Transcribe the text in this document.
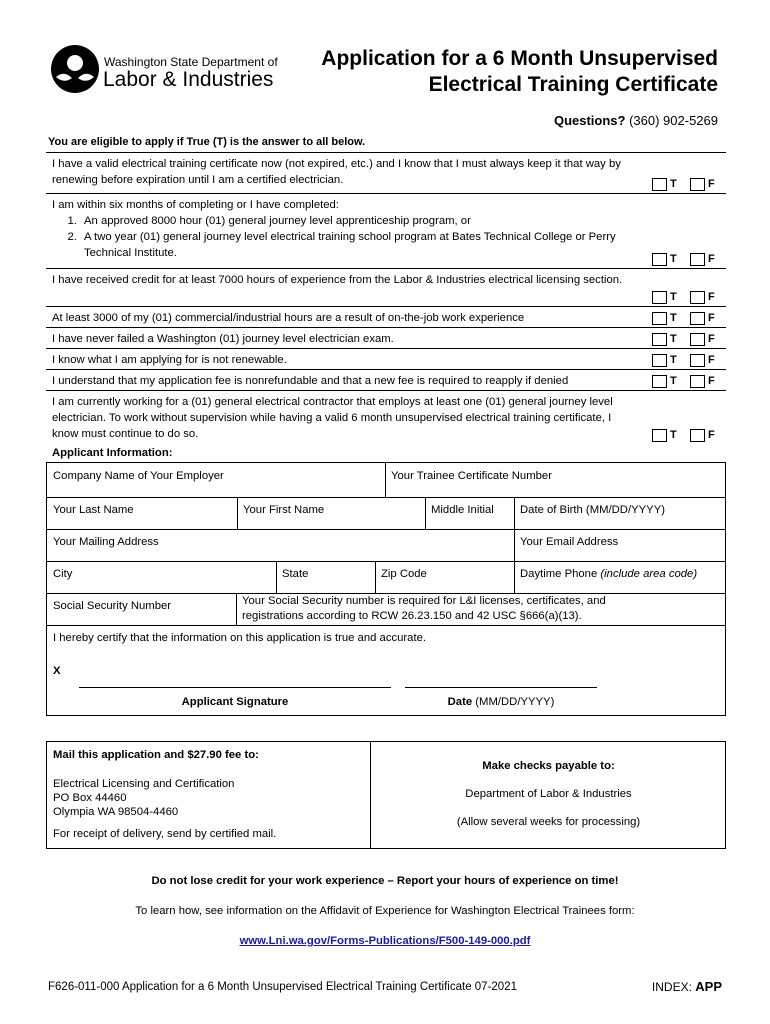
Washington State Department of
Labor & Industries
Application for a 6 Month Unsupervised
Electrical Training Certificate
Questions? (360) 902-5269
You are eligible to apply if True (T) is the answer to all below.
I have a valid electrical training certificate now (not expired, etc.) and I know that I must always keep it that way by renewing before expiration until I am a certified electrician.	T	F
I am within six months of completing or I have completed:
1. An approved 8000 hour (01) general journey level apprenticeship program, or
2. A two year (01) general journey level electrical training school program at Bates Technical College or Perry Technical Institute.	T	F
I have received credit for at least 7000 hours of experience from the Labor & Industries electrical licensing section.
T	F
At least 3000 of my (01) commercial/industrial hours are a result of on-the-job work experience	T	F
I have never failed a Washington (01) journey level electrician exam.	T	F
I know what I am applying for is not renewable.	T	F
I understand that my application fee is nonrefundable and that a new fee is required to reapply if denied	T	F
I am currently working for a (01) general electrical contractor that employs at least one (01) general journey level electrician. To work without supervision while having a valid 6 month unsupervised electrical training certificate, I know must continue to do so.	T	F
Applicant Information:
Company Name of Your Employer	Your Trainee Certificate Number
Your Last Name	Your First Name	Middle Initial	Date of Birth (MM/DD/YYYY)
Your Mailing Address	Your Email Address
City	State	Zip Code	Daytime Phone (include area code)
Social Security Number	Your Social Security number is required for L&I licenses, certificates, and registrations according to RCW 26.23.150 and 42 USC §666(a)(13).
I hereby certify that the information on this application is true and accurate.
X
Applicant Signature	Date (MM/DD/YYYY)
Mail this application and $27.90 fee to:
Electrical Licensing and Certification
PO Box 44460
Olympia WA 98504-4460
For receipt of delivery, send by certified mail.
Make checks payable to:
Department of Labor & Industries
(Allow several weeks for processing)
Do not lose credit for your work experience – Report your hours of experience on time!
To learn how, see information on the Affidavit of Experience for Washington Electrical Trainees form:
www.Lni.wa.gov/Forms-Publications/F500-149-000.pdf
F626-011-000 Application for a 6 Month Unsupervised Electrical Training Certificate 07-2021	INDEX: APP
